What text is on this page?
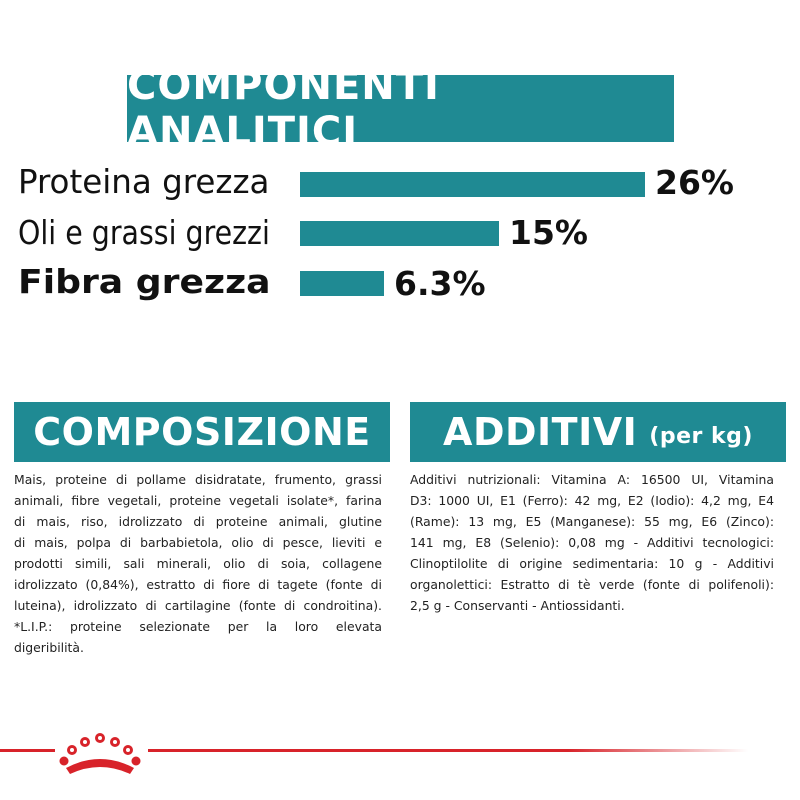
COMPONENTI ANALITICI
Proteina grezza	26%
Oli e grassi grezzi	15%
Fibra grezza	6.3%
COMPOSIZIONE
Mais, proteine di pollame disidratate, frumento, grassi
animali, fibre vegetali, proteine vegetali isolate*, farina
di mais, riso, idrolizzato di proteine animali, glutine
di mais, polpa di barbabietola, olio di pesce, lieviti e
prodotti simili, sali minerali, olio di soia, collagene
idrolizzato (0,84%), estratto di fiore di tagete (fonte di
luteina), idrolizzato di cartilagine (fonte di condroitina).
*L.I.P.: proteine selezionate per la loro elevata
digeribilità.
ADDITIVI (per kg)
Additivi nutrizionali: Vitamina A: 16500 UI, Vitamina
D3: 1000 UI, E1 (Ferro): 42 mg, E2 (Iodio): 4,2 mg, E4
(Rame): 13 mg, E5 (Manganese): 55 mg, E6 (Zinco):
141 mg, E8 (Selenio): 0,08 mg - Additivi tecnologici:
Clinoptilolite di origine sedimentaria: 10 g - Additivi
organolettici: Estratto di tè verde (fonte di polifenoli):
2,5 g - Conservanti - Antiossidanti.
